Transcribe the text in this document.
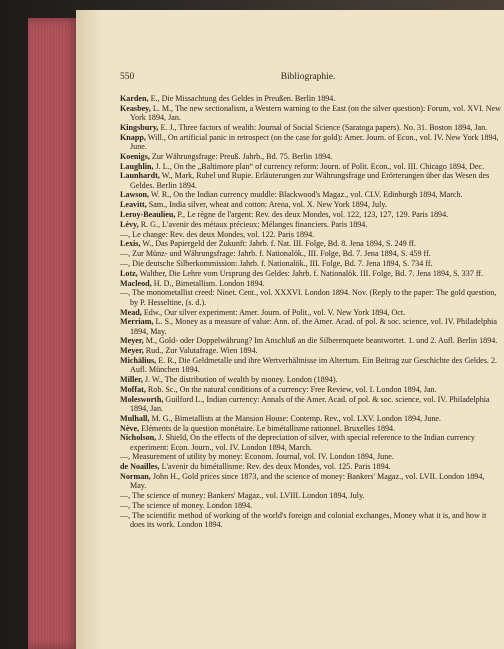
550	Bibliographie.
Karden, E., Die Missachtung des Geldes in Preußen. Berlin 1894.
Keasbey, L. M., The new sectionalism, a Western warning to the East (on the silver question): Forum, vol. XVI. New York 1894, Jan.
Kingsbury, E. J., Three factors of wealth: Journal of Social Science (Saratoga papers). No. 31. Boston 1894, Jan.
Knapp, Will., On artificial panic in retrospect (on the case for gold): Amer. Journ. of Econ., vol. IV. New York 1894, June.
Koenigs, Zur Währungsfrage: Preuß. Jahrb., Bd. 75. Berlin 1894.
Laughlin, J. L., On the „Baltimore plan“ of currency reform: Journ. of Polit. Econ., vol. III. Chicago 1894, Dec.
Launhardt, W., Mark, Rubel und Rupie. Erläuterungen zur Währungsfrage und Erörterungen über das Wesen des Geldes. Berlin 1894.
Lawson, W. R., On the Indian currency muddle: Blackwood's Magaz., vol. CLV. Edinburgh 1894, March.
Leavitt, Sam., India silver, wheat and cotton: Arena, vol. X. New York 1894, July.
Leroy-Beaulieu, P., Le règne de l'argent: Rev. des deux Mondes, vol. 122, 123, 127, 129. Paris 1894.
Lévy, R. G., L'avenir des métaux précieux: Mélanges financiers. Paris 1894.
—, Le change: Rev. des deux Mondes, vol. 122. Paris 1894.
Lexis, W., Das Papiergeld der Zukunft: Jahrb. f. Nat. III. Folge, Bd. 8. Jena 1894, S. 249 ff.
—, Zur Münz- und Währungsfrage: Jahrb. f. Nationalök., III. Folge, Bd. 7. Jena 1894, S. 459 ff.
—, Die deutsche Silberkommission: Jahrb. f. Nationalök., III. Folge, Bd. 7. Jena 1894, S. 734 ff.
Lotz, Walther, Die Lehre vom Ursprung des Geldes: Jahrb. f. Nationalök. III. Folge, Bd. 7. Jena 1894, S. 337 ff.
Macleod, H. D., Bimetallism. London 1894.
—, The monometallist creed: Ninet. Cent., vol. XXXVI. London 1894. Nov. (Reply to the paper: The gold question, by P. Hesseltine, (s. d.).
Mead, Edw., Our silver experiment: Amer. Journ. of Polit., vol. V. New York 1894, Oct.
Merriam, L. S., Money as a measure of value: Ann. of. the Amer. Acad. of pol. & soc. science, vol. IV. Philadelphia 1894, May.
Meyer, M., Gold- oder Doppelwährung? Im Anschluß an die Silberenquete beantwortet. 1. und 2. Aufl. Berlin 1894.
Meyer, Rud., Zur Valutafrage. Wien 1894.
Michälius, E. R., Die Geldmetalle und ihre Wertverhältnisse im Altertum. Ein Beitrag zur Geschichte des Geldes. 2. Aufl. München 1894.
Miller, J. W., The distribution of wealth by money. London (1894).
Moffat, Rob. Sc., On the natural conditions of a currency: Free Review, vol. I. London 1894, Jan.
Molesworth, Guilford L., Indian currency: Annals of the Amer. Acad. of pol. & soc. science, vol. IV. Philadelphia 1894, Jan.
Mulhall, M. G., Bimetallists at the Mansion House: Contemp. Rev., vol. LXV. London 1894, June.
Nève, Eléments de la question monétaire. Le bimétallisme rationnel. Bruxelles 1894.
Nicholson, J. Shield, On the effects of the depreciation of silver, with special reference to the Indian currency experiment: Econ. Journ., vol. IV. London 1894, March.
—, Measurement of utility by money: Econom. Journal, vol. IV. London 1894, June.
de Noailles, L'avenir du bimétallisme: Rev. des deux Mondes, vol. 125. Paris 1894.
Norman, John H., Gold prices since 1873, and the science of money: Bankers' Magaz., vol. LVII. London 1894, May.
—, The science of money: Bankers' Magaz., vol. LVIII. London 1894, July.
—, The science of money. London 1894.
—, The scientific method of working of the world's foreign and colonial exchanges, Money what it is, and how it does its work. London 1894.
